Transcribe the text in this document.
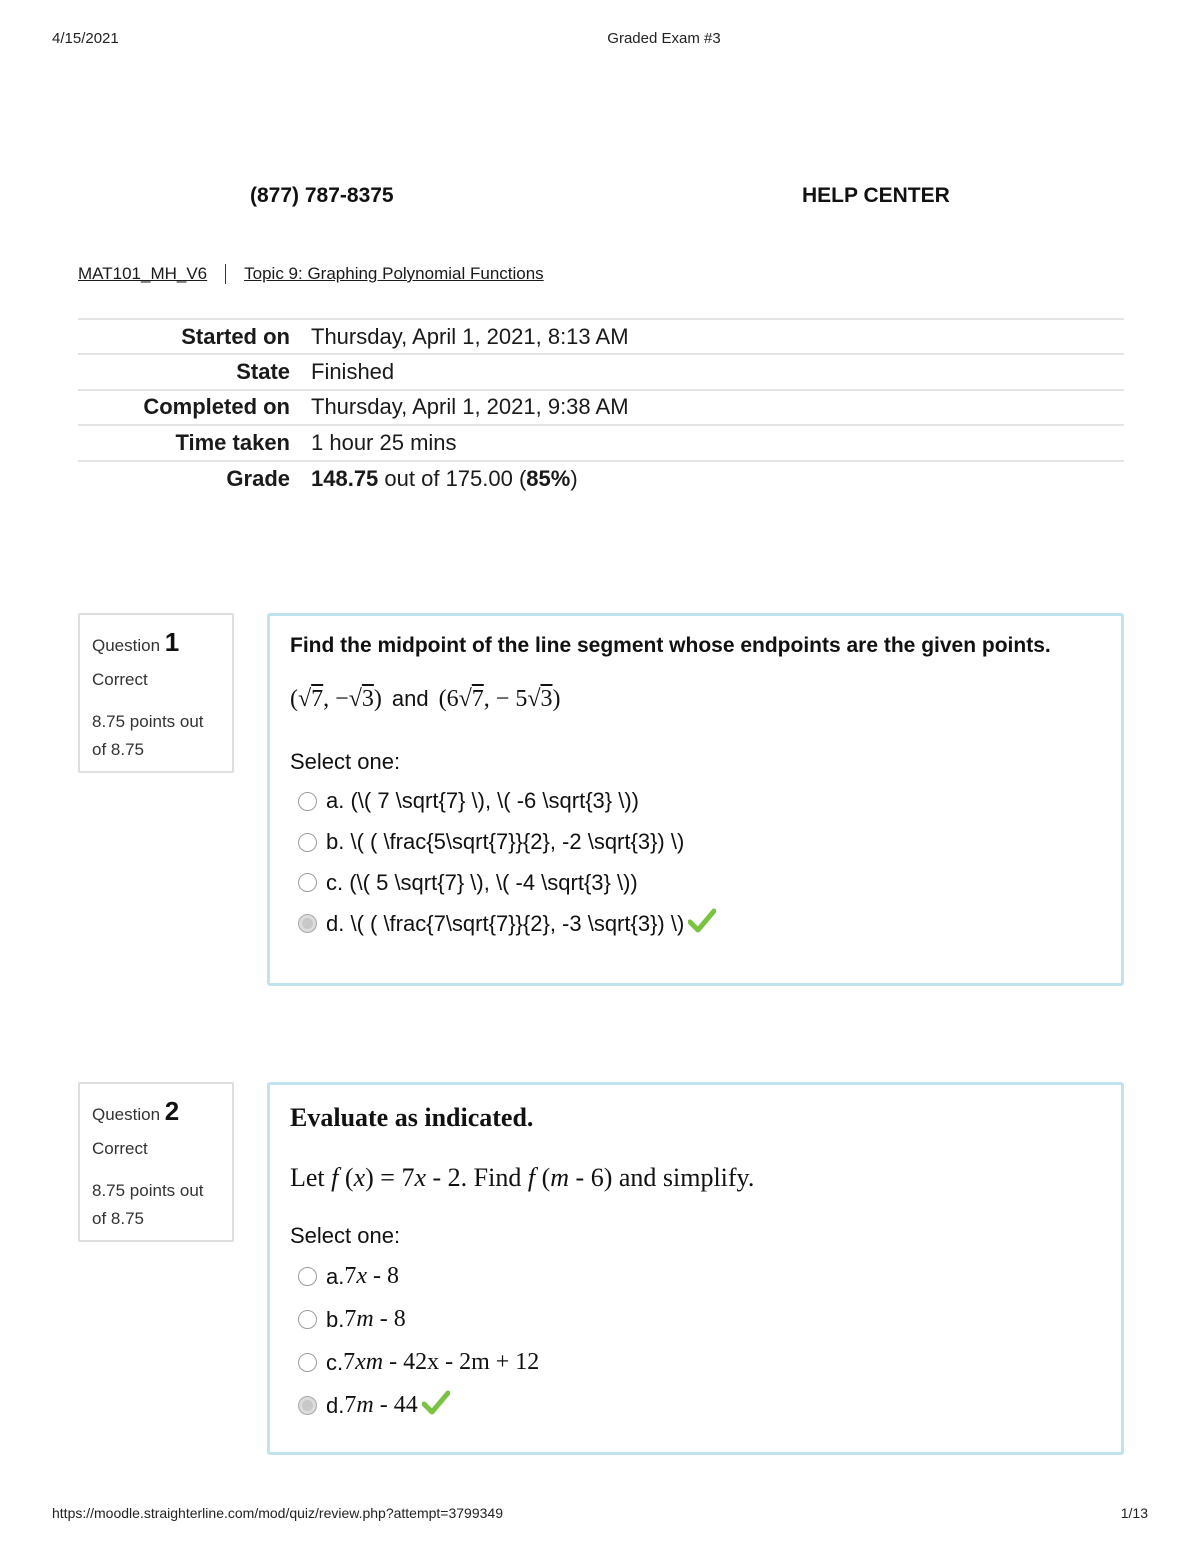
4/15/2021	Graded Exam #3
(877) 787-8375	HELP CENTER
MAT101_MH_V6 Topic 9: Graphing Polynomial Functions
Started on	Thursday, April 1, 2021, 8:13 AM
State	Finished
Completed on	Thursday, April 1, 2021, 9:38 AM
Time taken	1 hour 25 mins
Grade	148.75 out of 175.00 (85%)
Question 1
Correct
8.75 points out of 8.75
Find the midpoint of the line segment whose endpoints are the given points.
(√7, −√3) and (6√7, − 5√3)
Select one:
a. (\( 7 \sqrt{7} \), \( -6 \sqrt{3} \))
b. \( ( \frac{5\sqrt{7}}{2}, -2 \sqrt{3}) \)
c. (\( 5 \sqrt{7} \), \( -4 \sqrt{3} \))
d. \( ( \frac{7\sqrt{7}}{2}, -3 \sqrt{3}) \)
Question 2
Correct
8.75 points out of 8.75
Evaluate as indicated.
Let f (x) = 7x - 2. Find f (m - 6) and simplify.
Select one:
a. 7x - 8
b. 7m - 8
c. 7xm - 42x - 2m + 12
d. 7m - 44
https://moodle.straighterline.com/mod/quiz/review.php?attempt=3799349	1/13
